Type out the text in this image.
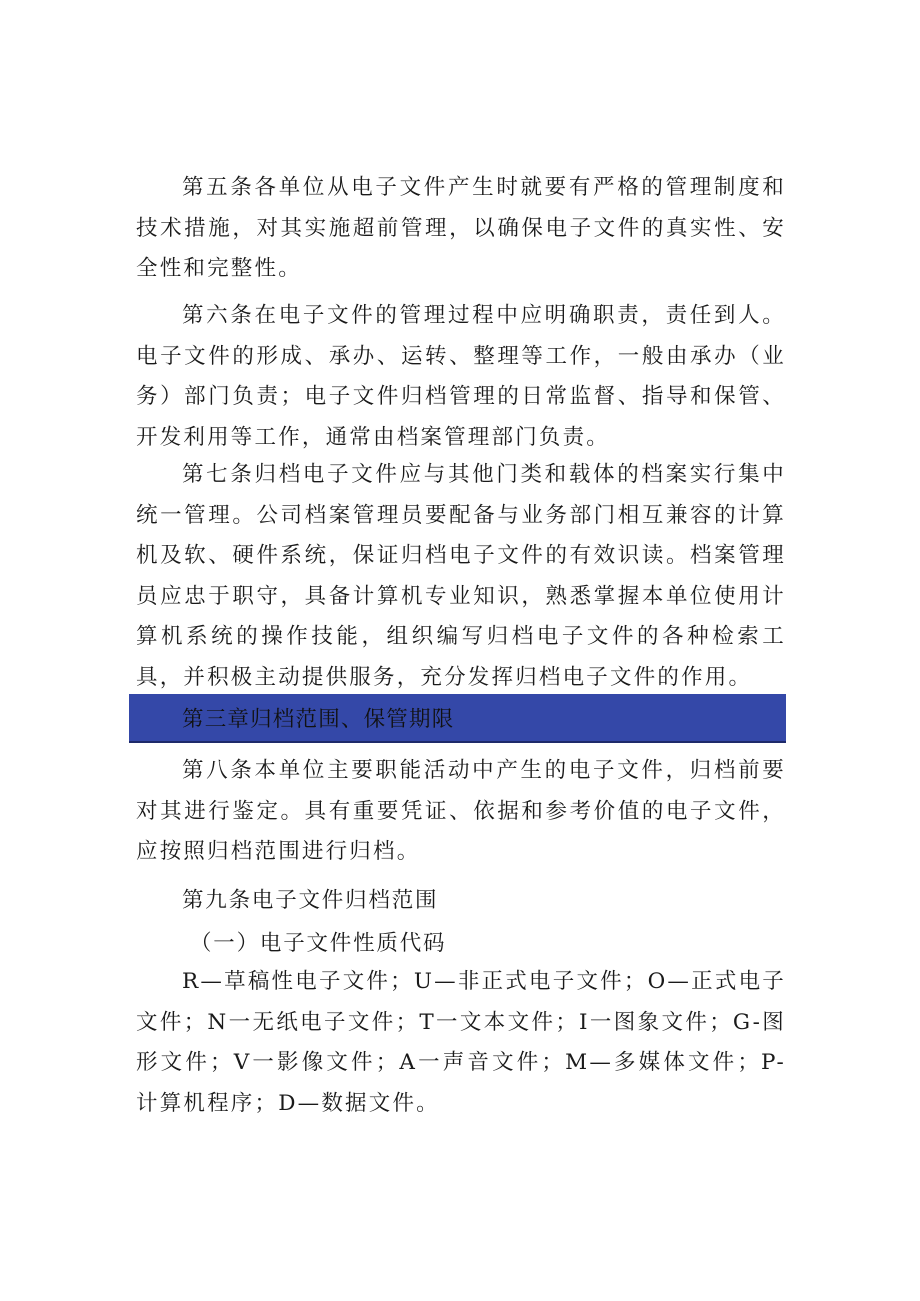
第五条各单位从电子文件产生时就要有严格的管理制度和技术措施，对其实施超前管理，以确保电子文件的真实性、安全性和完整性。

第六条在电子文件的管理过程中应明确职责，责任到人。电子文件的形成、承办、运转、整理等工作，一般由承办（业务）部门负责；电子文件归档管理的日常监督、指导和保管、开发利用等工作，通常由档案管理部门负责。

第七条归档电子文件应与其他门类和载体的档案实行集中统一管理。公司档案管理员要配备与业务部门相互兼容的计算机及软、硬件系统，保证归档电子文件的有效识读。档案管理员应忠于职守，具备计算机专业知识，熟悉掌握本单位使用计算机系统的操作技能，组织编写归档电子文件的各种检索工具，并积极主动提供服务，充分发挥归档电子文件的作用。

第三章归档范围、保管期限

第八条本单位主要职能活动中产生的电子文件，归档前要对其进行鉴定。具有重要凭证、依据和参考价值的电子文件，应按照归档范围进行归档。

第九条电子文件归档范围

（一）电子文件性质代码

R—草稿性电子文件；U—非正式电子文件；O—正式电子文件；N一无纸电子文件；T一文本文件；I一图象文件；G-图形文件；V一影像文件；A一声音文件；M—多媒体文件；P-计算机程序；D—数据文件。
